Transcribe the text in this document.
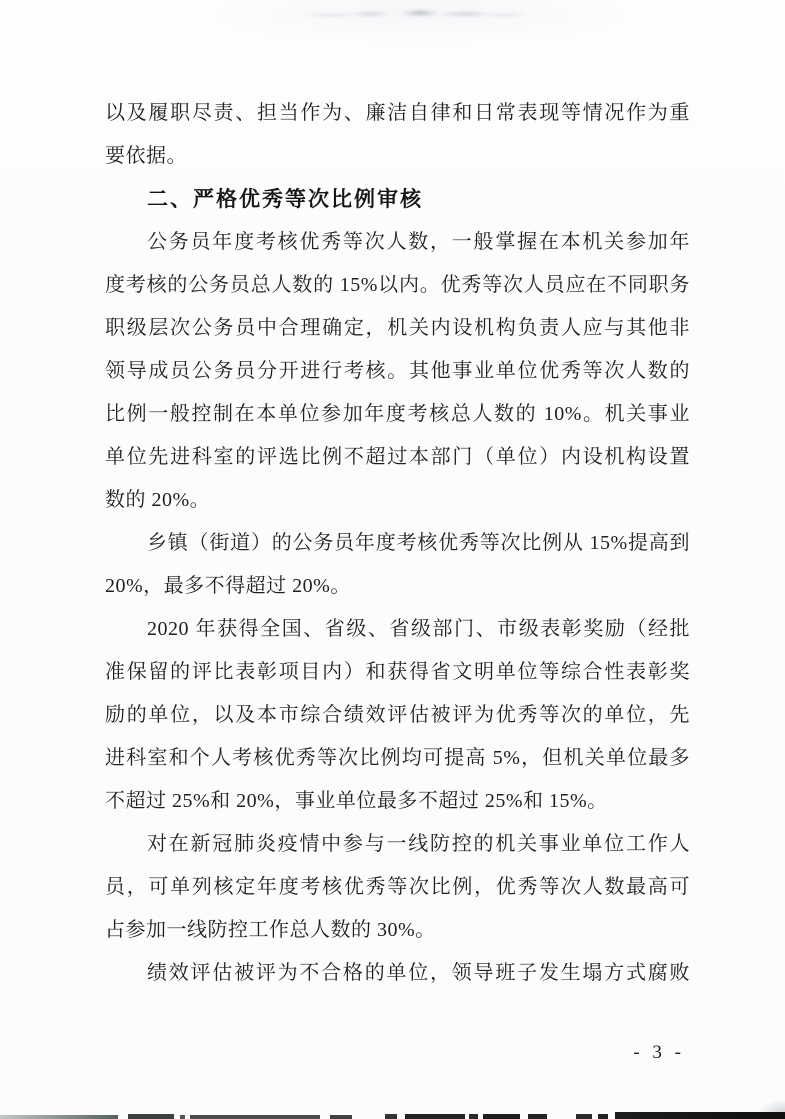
以及履职尽责、担当作为、廉洁自律和日常表现等情况作为重
要依据。
二、严格优秀等次比例审核
公务员年度考核优秀等次人数，一般掌握在本机关参加年
度考核的公务员总人数的 15%以内。优秀等次人员应在不同职务
职级层次公务员中合理确定，机关内设机构负责人应与其他非
领导成员公务员分开进行考核。其他事业单位优秀等次人数的
比例一般控制在本单位参加年度考核总人数的 10%。机关事业
单位先进科室的评选比例不超过本部门（单位）内设机构设置
数的 20%。
乡镇（街道）的公务员年度考核优秀等次比例从 15%提高到
20%，最多不得超过 20%。
2020 年获得全国、省级、省级部门、市级表彰奖励（经批
准保留的评比表彰项目内）和获得省文明单位等综合性表彰奖
励的单位，以及本市综合绩效评估被评为优秀等次的单位，先
进科室和个人考核优秀等次比例均可提高 5%，但机关单位最多
不超过 25%和 20%，事业单位最多不超过 25%和 15%。
对在新冠肺炎疫情中参与一线防控的机关事业单位工作人
员，可单列核定年度考核优秀等次比例，优秀等次人数最高可
占参加一线防控工作总人数的 30%。
绩效评估被评为不合格的单位，领导班子发生塌方式腐败
- 3 -
